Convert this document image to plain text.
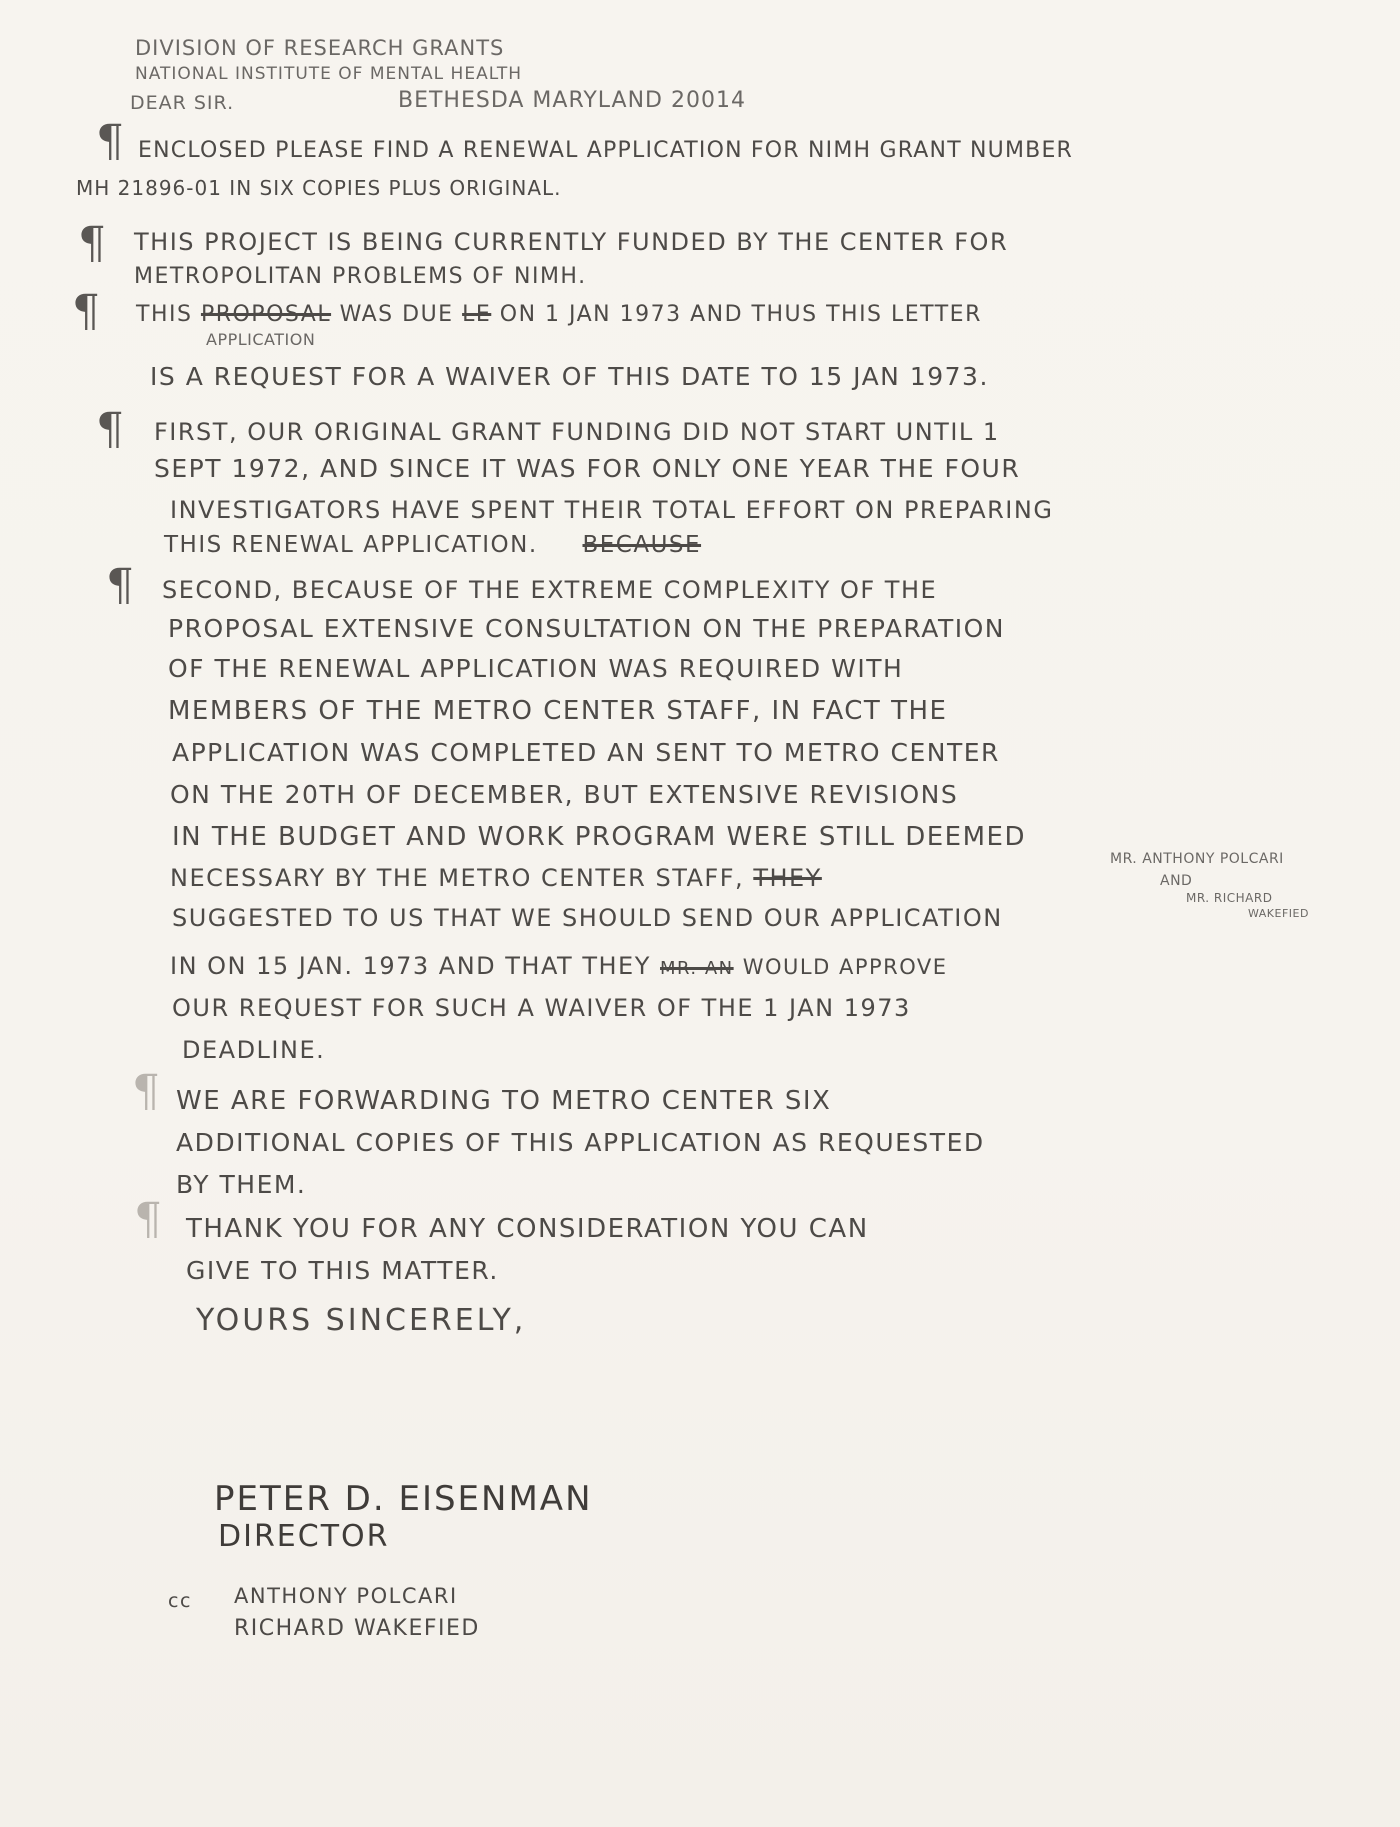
DIVISION OF RESEARCH GRANTS

NATIONAL INSTITUTE OF MENTAL HEALTH

DEAR SIR.	BETHESDA MARYLAND 20014

¶ ENCLOSED PLEASE FIND A RENEWAL APPLICATION FOR NIMH GRANT NUMBER

MH 21896-01 IN SIX COPIES PLUS ORIGINAL.

¶ THIS PROJECT IS BEING CURRENTLY FUNDED BY THE CENTER FOR

METROPOLITAN PROBLEMS OF NIMH.

¶ THIS PROPOSAL WAS DUE LE ON 1 JAN 1973 AND THUS THIS LETTER

APPLICATION

IS A REQUEST FOR A WAIVER OF THIS DATE TO 15 JAN 1973.

¶ FIRST, OUR ORIGINAL GRANT FUNDING DID NOT START UNTIL 1

SEPT 1972, AND SINCE IT WAS FOR ONLY ONE YEAR THE FOUR

INVESTIGATORS HAVE SPENT THEIR TOTAL EFFORT ON PREPARING

THIS RENEWAL APPLICATION. BECAUSE

¶ SECOND, BECAUSE OF THE EXTREME COMPLEXITY OF THE

PROPOSAL EXTENSIVE CONSULTATION ON THE PREPARATION

OF THE RENEWAL APPLICATION WAS REQUIRED WITH

MEMBERS OF THE METRO CENTER STAFF, IN FACT THE

APPLICATION WAS COMPLETED AN SENT TO METRO CENTER

ON THE 20TH OF DECEMBER, BUT EXTENSIVE REVISIONS

IN THE BUDGET AND WORK PROGRAM WERE STILL DEEMED

NECESSARY BY THE METRO CENTER STAFF, THEY

MR. ANTHONY POLCARI

AND

MR. RICHARD

WAKEFIED

SUGGESTED TO US THAT WE SHOULD SEND OUR APPLICATION

IN ON 15 JAN. 1973 AND THAT THEY MR. AN WOULD APPROVE

OUR REQUEST FOR SUCH A WAIVER OF THE 1 JAN 1973

DEADLINE.

¶ WE ARE FORWARDING TO METRO CENTER SIX

ADDITIONAL COPIES OF THIS APPLICATION AS REQUESTED

BY THEM.

¶ THANK YOU FOR ANY CONSIDERATION YOU CAN

GIVE TO THIS MATTER.

YOURS SINCERELY,

PETER D. EISENMAN

DIRECTOR

cc ANTHONY POLCARI

RICHARD WAKEFIED
